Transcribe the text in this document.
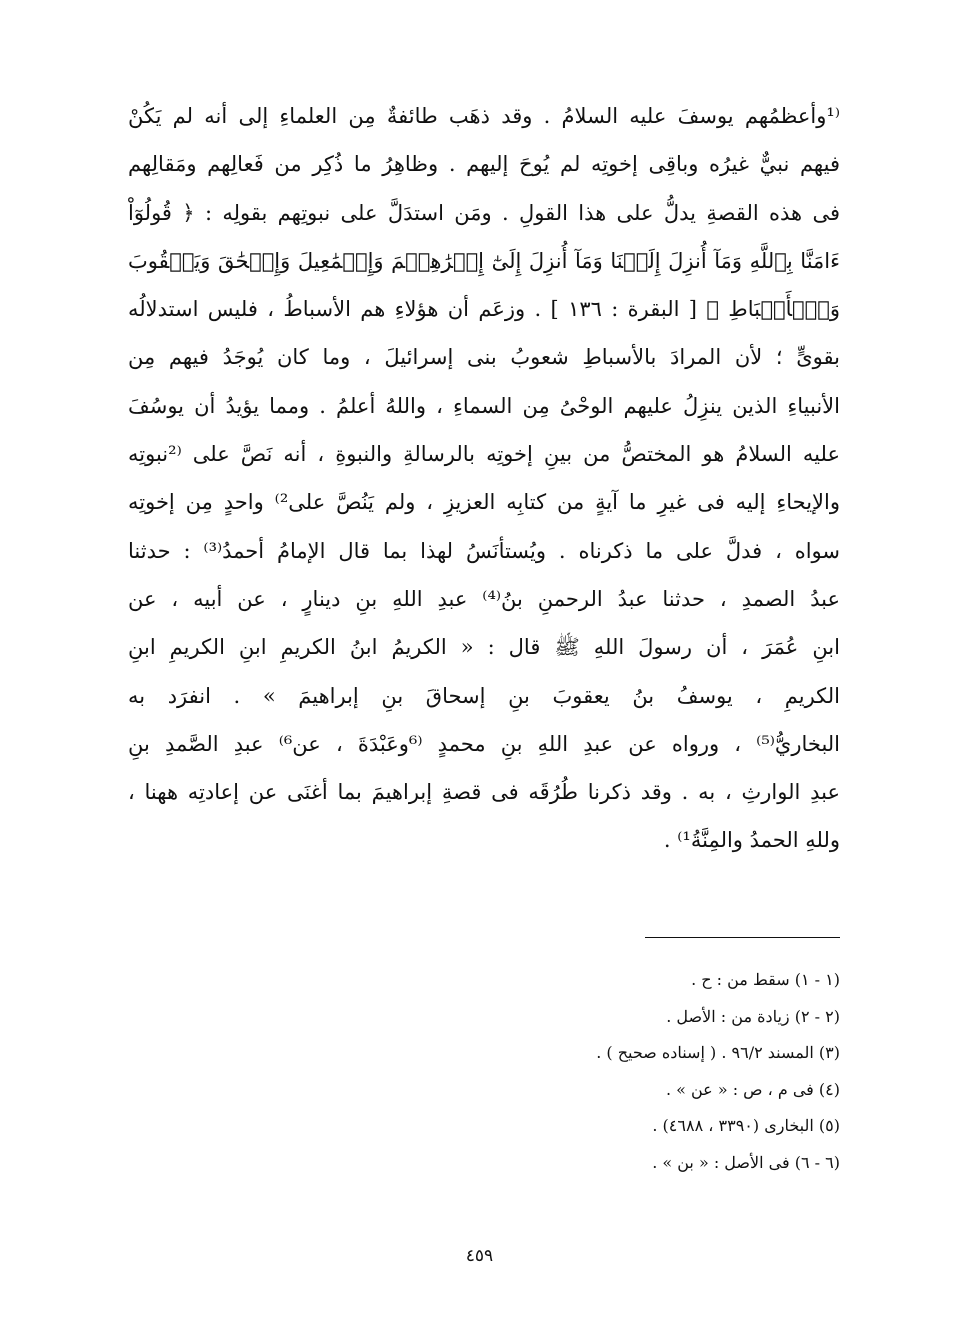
⁽¹وأعظمُهم يوسفَ عليه السلامُ . وقد ذهَب طائفةٌ مِن العلماءِ إلى أنه لم يَكُنْ
فيهم نبيٌّ غيرُه وباقِى إخوتِه لم يُوحَ إليهم . وظاهِرُ ما ذُكِر من فَعالِهم ومَقالِهم
فى هذه القصةِ يدلُّ على هذا القولِ . ومَن استدَلَّ على نبوتِهم بقولِه : ﴿ قُولُوٓاْ
ءَامَنَّا بِٱللَّهِ وَمَآ أُنزِلَ إِلَيۡنَا وَمَآ أُنزِلَ إِلَىٰٓ إِبۡرَٰهِـۧمَ وَإِسۡمَٰعِيلَ وَإِسۡحَٰقَ وَيَعۡقُوبَ
وَٱلۡأَسۡبَاطِ ﴾ [ البقرة : ١٣٦ ] . وزعَم أن هؤلاءِ هم الأسباطُ ، فليس استدلالُه
بقوىٍّ ؛ لأن المرادَ بالأسباطِ شعوبُ بنى إسرائيلَ ، وما كان يُوجَدُ فيهم مِن
الأنبياءِ الذين ينزِلُ عليهم الوحْىُ مِن السماءِ ، واللهُ أعلمُ . ومما يؤيدُ أن يوسُفَ
عليه السلامُ هو المختصُّ من بينِ إخوتِه بالرسالةِ والنبوةِ ، أنه نَصَّ على ⁽²نبوتِه
والإيحاءِ إليه فى غيرِ ما آيةٍ من كتابِه العزيزِ ، ولم يَنُصَّ على²⁾ واحدٍ مِن إخوتِه
سواه ، فدلَّ على ما ذكرناه . ويُستأنَسُ لهذا بما قال الإمامُ أحمدُ⁽³⁾ : حدثنا
عبدُ الصمدِ ، حدثنا عبدُ الرحمنِ بنُ⁽⁴⁾ عبدِ اللهِ بنِ دينارٍ ، عن أبيه ، عن
ابنِ عُمَرَ ، أن رسولَ اللهِ ﷺ قال : « الكريمُ ابنُ الكريمِ ابنِ الكريمِ ابنِ
الكريمِ ، يوسفُ بنُ يعقوبَ بنِ إسحاقَ بنِ إبراهيمَ » . انفرَد به
البخاريُّ⁽⁵⁾ ، ورواه عن عبدِ اللهِ بنِ محمدٍ ⁽⁶وعَبْدَةَ ، عن⁶⁾ عبدِ الصَّمدِ بنِ
عبدِ الوارثِ ، به . وقد ذكرنا طُرُقَه فى قصةِ إبراهيمَ بما أغنَى عن إعادتِه ههنا ،
وللهِ الحمدُ والمِنَّةُ¹⁾ .
(١ - ١) سقط من : ح .
(٢ - ٢) زيادة من : الأصل .
(٣) المسند ٩٦/٢ . ( إسناده صحيح ) .
(٤) فى م ، ص : « عن » .
(٥) البخارى (٣٣٩٠ ، ٤٦٨٨) .
(٦ - ٦) فى الأصل : « بن » .
٤٥٩
